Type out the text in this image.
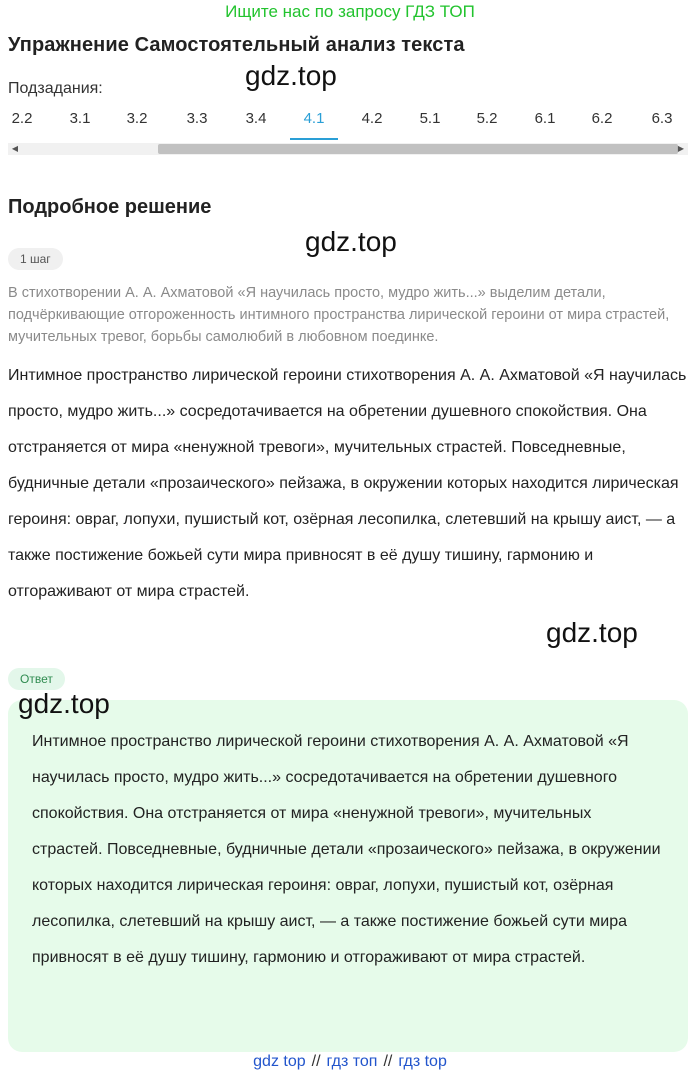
Ищите нас по запросу ГДЗ ТОП
Упражнение Самостоятельный анализ текста
gdz.top
Подзадания:
2.2	3.1	3.2	3.3	3.4	4.1	4.2	5.1	5.2	6.1	6.2	6.3
◀	▶
Подробное решение
gdz.top
1 шаг

В стихотворении А. А. Ахматовой «Я научилась просто, мудро жить...» выделим детали, подчёркивающие отгороженность интимного пространства лирической героини от мира страстей, мучительных тревог, борьбы самолюбий в любовном поединке.

Интимное пространство лирической героини стихотворения А. А. Ахматовой «Я научилась просто, мудро жить...» сосредотачивается на обретении душевного спокойствия. Она отстраняется от мира «ненужной тревоги», мучительных страстей. Повседневные, будничные детали «прозаического» пейзажа, в окружении которых находится лирическая героиня: овраг, лопухи, пушистый кот, озёрная лесопилка, слетевший на крышу аист, — а также постижение божьей сути мира привносят в её душу тишину, гармонию и отгораживают от мира страстей.

gdz.top
Ответ
gdz.top

Интимное пространство лирической героини стихотворения А. А. Ахматовой «Я научилась просто, мудро жить...» сосредотачивается на обретении душевного спокойствия. Она отстраняется от мира «ненужной тревоги», мучительных страстей. Повседневные, будничные детали «прозаического» пейзажа, в окружении которых находится лирическая героиня: овраг, лопухи, пушистый кот, озёрная лесопилка, слетевший на крышу аист, — а также постижение божьей сути мира привносят в её душу тишину, гармонию и отгораживают от мира страстей.

gdz top // гдз топ // гдз top
